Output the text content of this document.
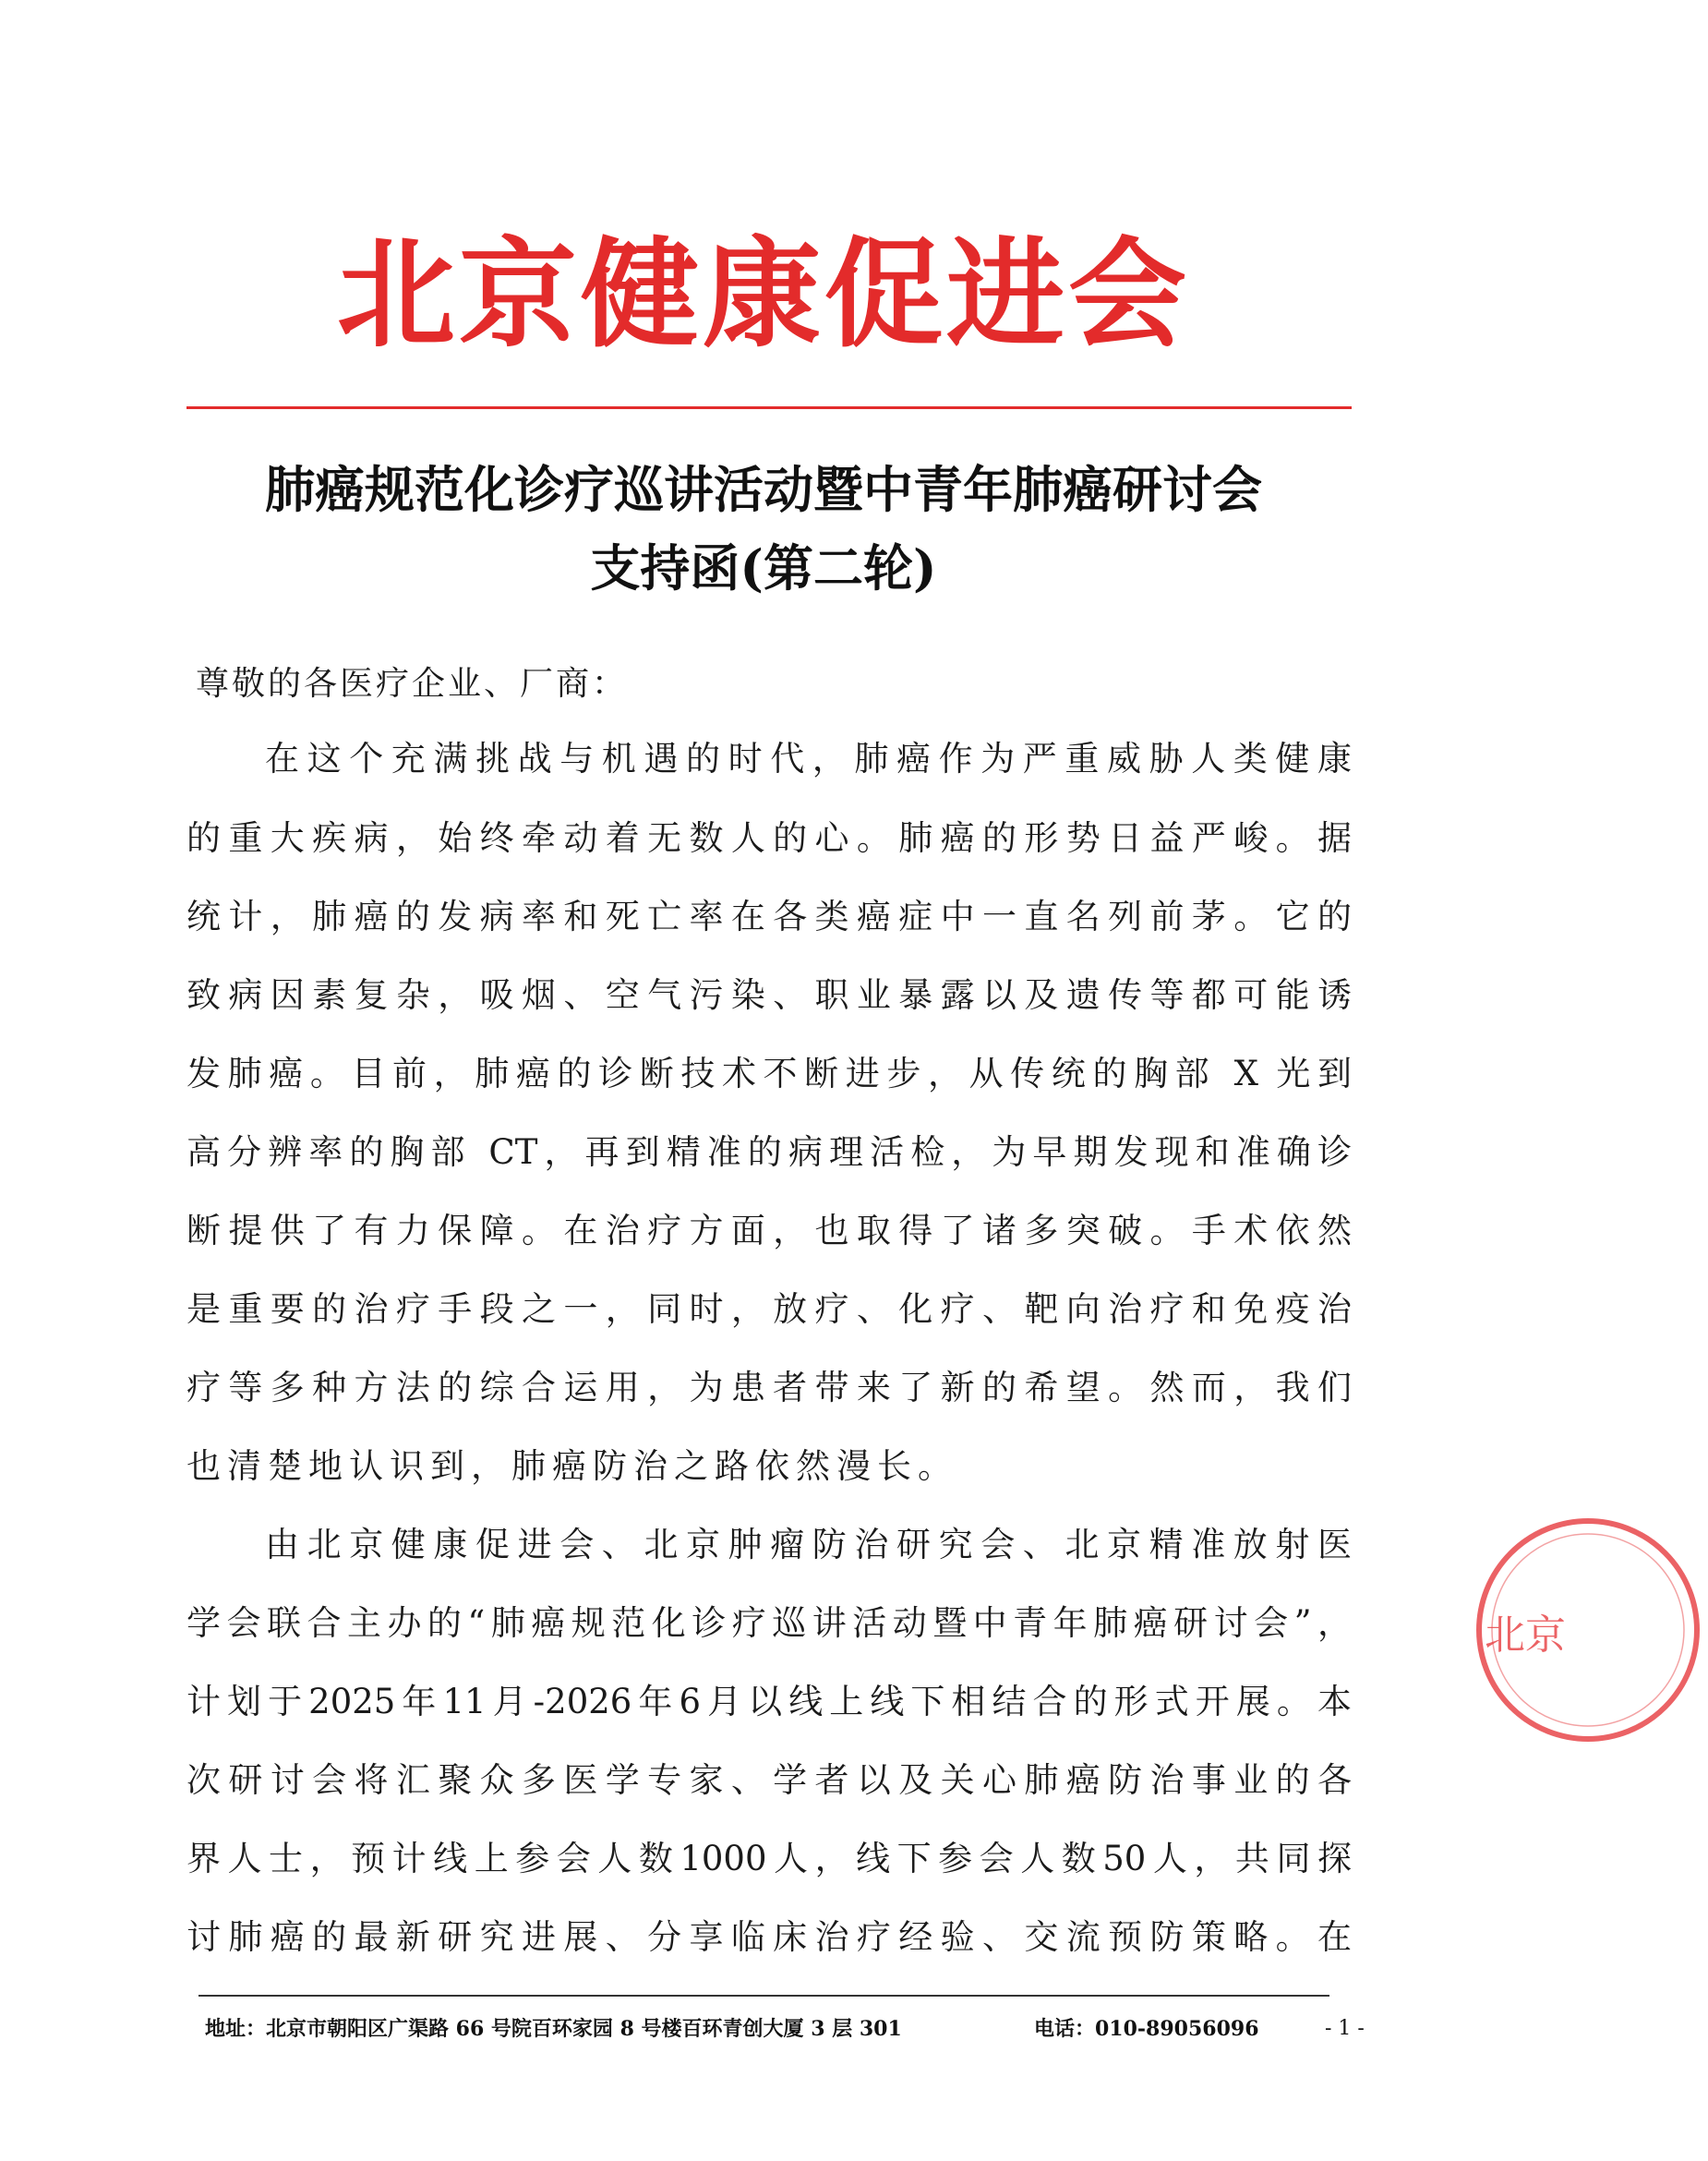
北京健康促进会
肺癌规范化诊疗巡讲活动暨中青年肺癌研讨会
支持函(第二轮)
尊敬的各医疗企业、厂商：
在这个充满挑战与机遇的时代，肺癌作为严重威胁人类健康
的重大疾病，始终牵动着无数人的心。肺癌的形势日益严峻。据
统计，肺癌的发病率和死亡率在各类癌症中一直名列前茅。它的
致病因素复杂，吸烟、空气污染、职业暴露以及遗传等都可能诱
发肺癌。目前，肺癌的诊断技术不断进步，从传统的胸部 X 光到
高分辨率的胸部 CT，再到精准的病理活检，为早期发现和准确诊
断提供了有力保障。在治疗方面，也取得了诸多突破。手术依然
是重要的治疗手段之一，同时，放疗、化疗、靶向治疗和免疫治
疗等多种方法的综合运用，为患者带来了新的希望。然而，我们
也清楚地认识到，肺癌防治之路依然漫长。
由北京健康促进会、北京肿瘤防治研究会、北京精准放射医
学会联合主办的“肺癌规范化诊疗巡讲活动暨中青年肺癌研讨会”，
计划于2025年11月-2026年6月以线上线下相结合的形式开展。本
次研讨会将汇聚众多医学专家、学者以及关心肺癌防治事业的各
界人士，预计线上参会人数1000人，线下参会人数50人，共同探
讨肺癌的最新研究进展、分享临床治疗经验、交流预防策略。在
北京
地址：北京市朝阳区广渠路 66 号院百环家园 8 号楼百环青创大厦 3 层 301	电话：010-89056096	- 1 -
